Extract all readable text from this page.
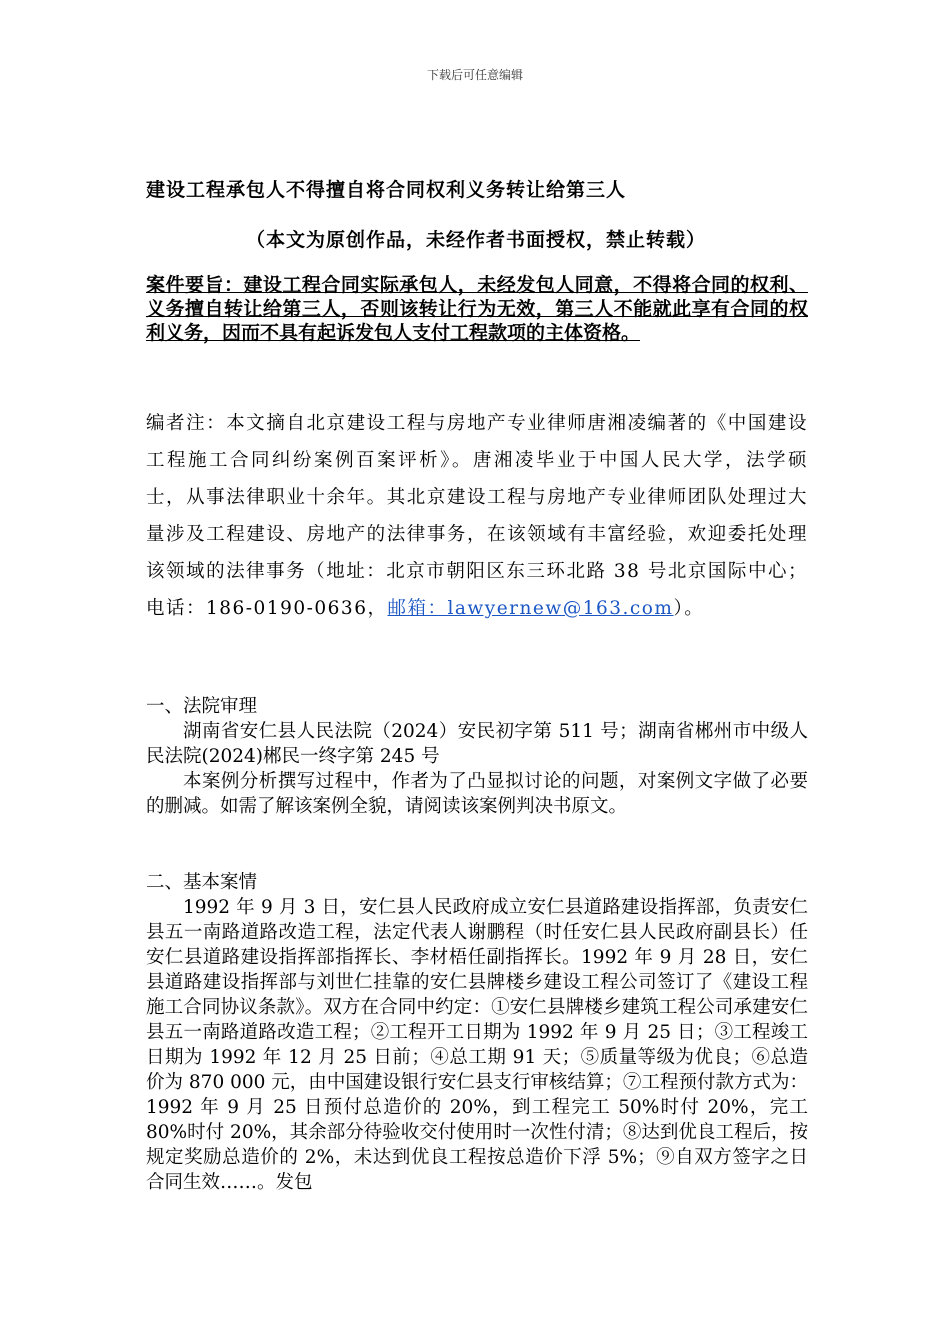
下载后可任意编辑
建设工程承包人不得擅自将合同权利义务转让给第三人
（本文为原创作品，未经作者书面授权，禁止转载）
案件要旨：建设工程合同实际承包人，未经发包人同意，不得将合同的权利、义务擅自转让给第三人，否则该转让行为无效，第三人不能就此享有合同的权利义务，因而不具有起诉发包人支付工程款项的主体资格。
编者注：本文摘自北京建设工程与房地产专业律师唐湘凌编著的《中国建设工程施工合同纠纷案例百案评析》。唐湘凌毕业于中国人民大学，法学硕士，从事法律职业十余年。其北京建设工程与房地产专业律师团队处理过大量涉及工程建设、房地产的法律事务，在该领域有丰富经验，欢迎委托处理该领域的法律事务（地址：北京市朝阳区东三环北路 38 号北京国际中心；电话：186-0190-0636，邮箱：lawyernew@163.com）。

一、法院审理

湖南省安仁县人民法院（2024）安民初字第 511 号；湖南省郴州市中级人民法院(2024)郴民一终字第 245 号

本案例分析撰写过程中，作者为了凸显拟讨论的问题，对案例文字做了必要的删减。如需了解该案例全貌，请阅读该案例判决书原文。

二、基本案情

1992 年 9 月 3 日，安仁县人民政府成立安仁县道路建设指挥部，负责安仁县五一南路道路改造工程，法定代表人谢鹏程（时任安仁县人民政府副县长）任安仁县道路建设指挥部指挥长、李材梧任副指挥长。1992 年 9 月 28 日，安仁县道路建设指挥部与刘世仁挂靠的安仁县牌楼乡建设工程公司签订了《建设工程施工合同协议条款》。双方在合同中约定：①安仁县牌楼乡建筑工程公司承建安仁县五一南路道路改造工程；②工程开工日期为 1992 年 9 月 25 日；③工程竣工日期为 1992 年 12 月 25 日前；④总工期 91 天；⑤质量等级为优良；⑥总造价为 870 000 元，由中国建设银行安仁县支行审核结算；⑦工程预付款方式为：1992 年 9 月 25 日预付总造价的 20%，到工程完工 50%时付 20%，完工 80%时付 20%，其余部分待验收交付使用时一次性付清；⑧达到优良工程后，按规定奖励总造价的 2%，未达到优良工程按总造价下浮 5%；⑨自双方签字之日合同生效……。发包
